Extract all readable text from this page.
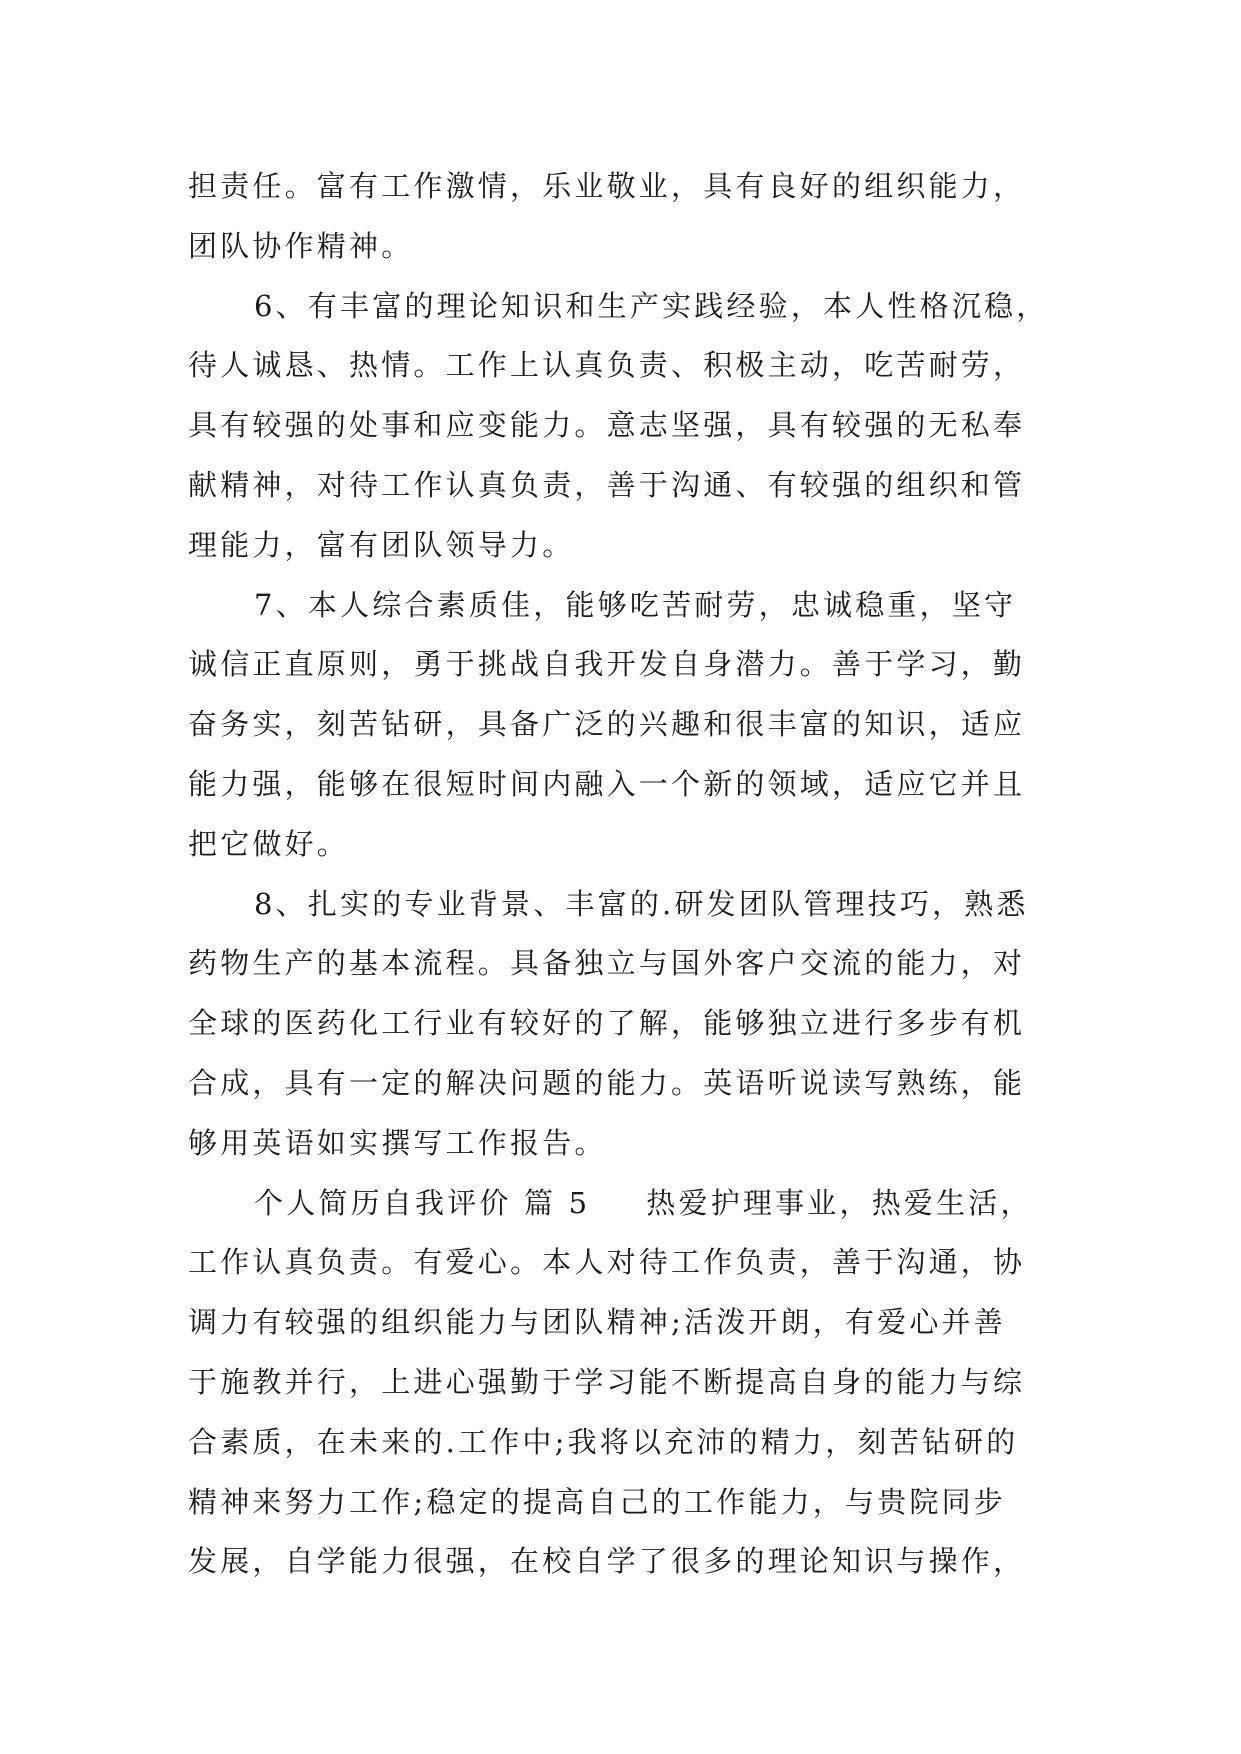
担责任。富有工作激情，乐业敬业，具有良好的组织能力，
团队协作精神。
6、有丰富的理论知识和生产实践经验，本人性格沉稳，
待人诚恳、热情。工作上认真负责、积极主动，吃苦耐劳，
具有较强的处事和应变能力。意志坚强，具有较强的无私奉
献精神，对待工作认真负责，善于沟通、有较强的组织和管
理能力，富有团队领导力。
7、本人综合素质佳，能够吃苦耐劳，忠诚稳重，坚守
诚信正直原则，勇于挑战自我开发自身潜力。善于学习，勤
奋务实，刻苦钻研，具备广泛的兴趣和很丰富的知识，适应
能力强，能够在很短时间内融入一个新的领域，适应它并且
把它做好。
8、扎实的专业背景、丰富的.研发团队管理技巧，熟悉
药物生产的基本流程。具备独立与国外客户交流的能力，对
全球的医药化工行业有较好的了解，能够独立进行多步有机
合成，具有一定的解决问题的能力。英语听说读写熟练，能
够用英语如实撰写工作报告。
个人简历自我评价 篇 5 热爱护理事业，热爱生活，
工作认真负责。有爱心。本人对待工作负责，善于沟通，协
调力有较强的组织能力与团队精神;活泼开朗，有爱心并善
于施教并行，上进心强勤于学习能不断提高自身的能力与综
合素质，在未来的.工作中;我将以充沛的精力，刻苦钻研的
精神来努力工作;稳定的提高自己的工作能力，与贵院同步
发展，自学能力很强，在校自学了很多的理论知识与操作，
